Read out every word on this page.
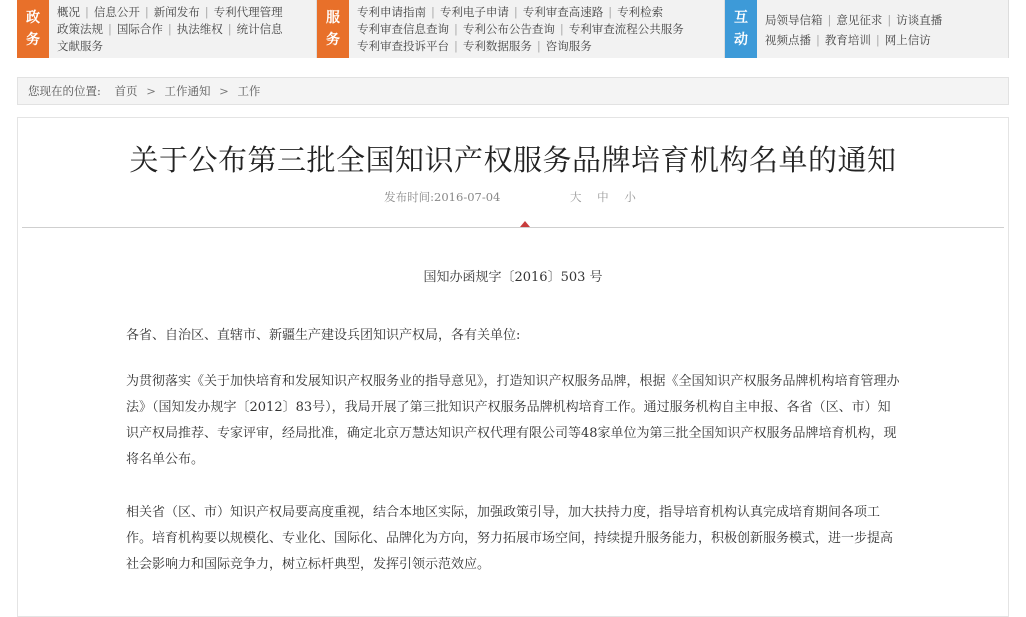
政
务
概况 | 信息公开 | 新闻发布 | 专利代理管理
政策法规 | 国际合作 | 执法维权 | 统计信息
文献服务
服
务
专利申请指南 | 专利电子申请 | 专利审查高速路 | 专利检索
专利审查信息查询 | 专利公布公告查询 | 专利审查流程公共服务
专利审查投诉平台 | 专利数据服务 | 咨询服务
互
动
局领导信箱 | 意见征求 | 访谈直播
视频点播 | 教育培训 | 网上信访
您现在的位置: 首页 > 工作通知 > 工作
关于公布第三批全国知识产权服务品牌培育机构名单的通知
发布时间:2016-07-04	大 中 小
国知办函规字〔2016〕503 号
各省、自治区、直辖市、新疆生产建设兵团知识产权局，各有关单位:
为贯彻落实《关于加快培育和发展知识产权服务业的指导意见》，打造知识产权服务品牌，根据《全国知识产权服务品牌机构培育管理办法》（国知发办规字〔2012〕83号），我局开展了第三批知识产权服务品牌机构培育工作。通过服务机构自主申报、各省（区、市）知识产权局推荐、专家评审，经局批准，确定北京万慧达知识产权代理有限公司等48家单位为第三批全国知识产权服务品牌培育机构，现将名单公布。
相关省（区、市）知识产权局要高度重视，结合本地区实际，加强政策引导，加大扶持力度，指导培育机构认真完成培育期间各项工作。培育机构要以规模化、专业化、国际化、品牌化为方向，努力拓展市场空间，持续提升服务能力，积极创新服务模式，进一步提高社会影响力和国际竞争力，树立标杆典型，发挥引领示范效应。
